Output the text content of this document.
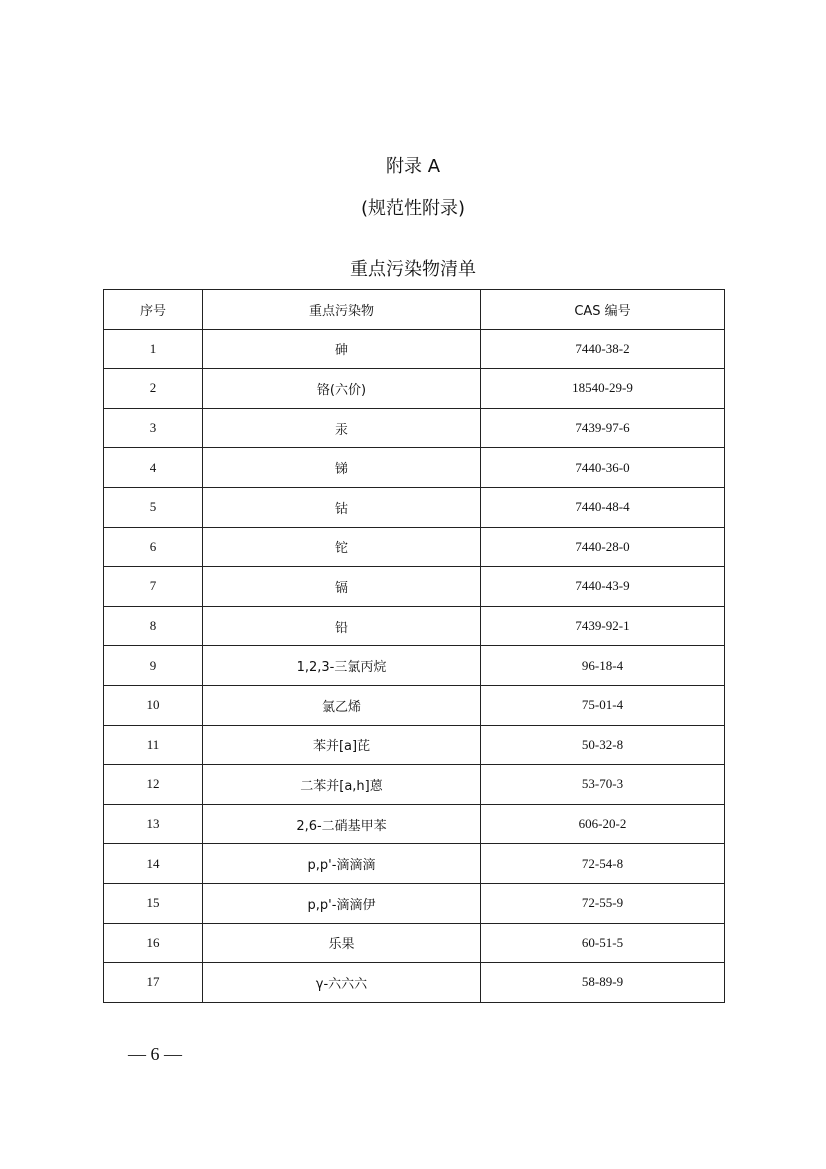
附录 A
(规范性附录)
重点污染物清单
序号	重点污染物	CAS 编号
1	砷	7440-38-2
2	铬(六价)	18540-29-9
3	汞	7439-97-6
4	锑	7440-36-0
5	钴	7440-48-4
6	铊	7440-28-0
7	镉	7440-43-9
8	铅	7439-92-1
9	1,2,3-三氯丙烷	96-18-4
10	氯乙烯	75-01-4
11	苯并[a]芘	50-32-8
12	二苯并[a,h]蒽	53-70-3
13	2,6-二硝基甲苯	606-20-2
14	p,p'-滴滴滴	72-54-8
15	p,p'-滴滴伊	72-55-9
16	乐果	60-51-5
17	γ-六六六	58-89-9
— 6 —
